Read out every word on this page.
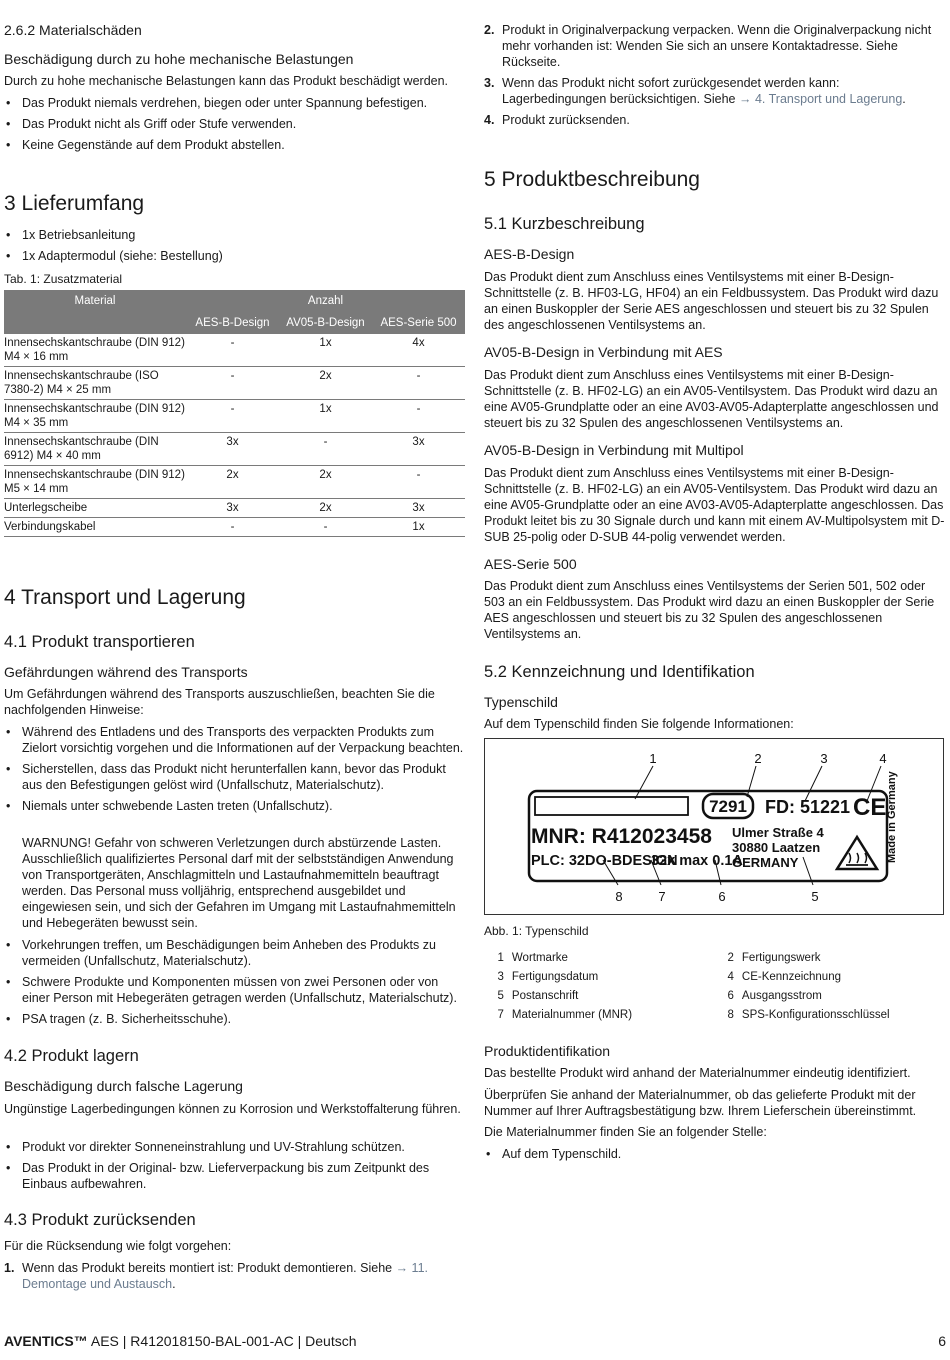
2.6.2 Materialschäden
Beschädigung durch zu hohe mechanische Belastungen
Durch zu hohe mechanische Belastungen kann das Produkt beschädigt werden.
• Das Produkt niemals verdrehen, biegen oder unter Spannung befestigen.
• Das Produkt nicht als Griff oder Stufe verwenden.
• Keine Gegenstände auf dem Produkt abstellen.
3 Lieferumfang
• 1x Betriebsanleitung
• 1x Adaptermodul (siehe: Bestellung)
Tab. 1: Zusatzmaterial
Material	Anzahl		
	AES-B-Design	AV05-B-Design	AES-Serie 500
Innensechskantschraube (DIN 912) M4 × 16 mm	-	1x	4x
Innensechskantschraube (ISO 7380-2) M4 × 25 mm	-	2x	-
Innensechskantschraube (DIN 912) M4 × 35 mm	-	1x	-
Innensechskantschraube (DIN 6912) M4 × 40 mm	3x	-	3x
Innensechskantschraube (DIN 912) M5 × 14 mm	2x	2x	-
Unterlegscheibe	3x	2x	3x
Verbindungskabel	-	-	1x
4 Transport und Lagerung
4.1 Produkt transportieren
Gefährdungen während des Transports
Um Gefährdungen während des Transports auszuschließen, beachten Sie die nachfolgenden Hinweise:
• Während des Entladens und des Transports des verpackten Produkts zum Zielort vorsichtig vorgehen und die Informationen auf der Verpackung beachten.
• Sicherstellen, dass das Produkt nicht herunterfallen kann, bevor das Produkt aus den Befestigungen gelöst wird (Unfallschutz, Materialschutz).
• Niemals unter schwebende Lasten treten (Unfallschutz).
WARNUNG! Gefahr von schweren Verletzungen durch abstürzende Lasten. Ausschließlich qualifiziertes Personal darf mit der selbstständigen Anwendung von Transportgeräten, Anschlagmitteln und Lastaufnahmemitteln beauftragt werden. Das Personal muss volljährig, entsprechend ausgebildet und eingewiesen sein, und sich der Gefahren im Umgang mit Lastaufnahmemitteln und Hebegeräten bewusst sein.
• Vorkehrungen treffen, um Beschädigungen beim Anheben des Produkts zu vermeiden (Unfallschutz, Materialschutz).
• Schwere Produkte und Komponenten müssen von zwei Personen oder von einer Person mit Hebegeräten getragen werden (Unfallschutz, Materialschutz).
• PSA tragen (z. B. Sicherheitsschuhe).
4.2 Produkt lagern
Beschädigung durch falsche Lagerung
Ungünstige Lagerbedingungen können zu Korrosion und Werkstoffalterung führen.
• Produkt vor direkter Sonneneinstrahlung und UV-Strahlung schützen.
• Das Produkt in der Original- bzw. Lieferverpackung bis zum Zeitpunkt des Einbaus aufbewahren.
4.3 Produkt zurücksenden
Für die Rücksendung wie folgt vorgehen:
1. Wenn das Produkt bereits montiert ist: Produkt demontieren. Siehe → 11. Demontage und Austausch.
2. Produkt in Originalverpackung verpacken. Wenn die Originalverpackung nicht mehr vorhanden ist: Wenden Sie sich an unsere Kontaktadresse. Siehe Rückseite.
3. Wenn das Produkt nicht sofort zurückgesendet werden kann: Lagerbedingungen berücksichtigen. Siehe → 4. Transport und Lagerung.
4. Produkt zurücksenden.
5 Produktbeschreibung
5.1 Kurzbeschreibung
AES-B-Design
Das Produkt dient zum Anschluss eines Ventilsystems mit einer B-Design-Schnittstelle (z. B. HF03-LG, HF04) an ein Feldbussystem. Das Produkt wird dazu an einen Buskoppler der Serie AES angeschlossen und steuert bis zu 32 Spulen des angeschlossenen Ventilsystems an.
AV05-B-Design in Verbindung mit AES
Das Produkt dient zum Anschluss eines Ventilsystems mit einer B-Design-Schnittstelle (z. B. HF02-LG) an ein AV05-Ventilsystem. Das Produkt wird dazu an eine AV05-Grundplatte oder an eine AV03-AV05-Adapterplatte angeschlossen und steuert bis zu 32 Spulen des angeschlossenen Ventilsystems an.
AV05-B-Design in Verbindung mit Multipol
Das Produkt dient zum Anschluss eines Ventilsystems mit einer B-Design-Schnittstelle (z. B. HF02-LG) an ein AV05-Ventilsystem. Das Produkt wird dazu an eine AV05-Grundplatte oder an eine AV03-AV05-Adapterplatte angeschlossen. Das Produkt leitet bis zu 30 Signale durch und kann mit einem AV-Multipolsystem mit D-SUB 25-polig oder D-SUB 44-polig verwendet werden.
AES-Serie 500
Das Produkt dient zum Anschluss eines Ventilsystems der Serien 501, 502 oder 503 an ein Feldbussystem. Das Produkt wird dazu an einen Buskoppler der Serie AES angeschlossen und steuert bis zu 32 Spulen des angeschlossenen Ventilsystems an.
5.2 Kennzeichnung und Identifikation
Typenschild
Auf dem Typenschild finden Sie folgende Informationen:
7291 FD: 51221 CE
MNR: R412023458
PLC: 32DO-BDESIGN
32x max 0.1A
Ulmer Straße 4
30880 Laatzen
GERMANY	Made in Germany
1	2	3	4
5
6
7
8
Abb. 1: Typenschild
1 Wortmarke	2 Fertigungswerk
3 Fertigungsdatum	4 CE-Kennzeichnung
5 Postanschrift	6 Ausgangsstrom
7 Materialnummer (MNR)	8 SPS-Konfigurationsschlüssel
Produktidentifikation
Das bestellte Produkt wird anhand der Materialnummer eindeutig identifiziert.
Überprüfen Sie anhand der Materialnummer, ob das gelieferte Produkt mit der Nummer auf Ihrer Auftragsbestätigung bzw. Ihrem Lieferschein übereinstimmt.
Die Materialnummer finden Sie an folgender Stelle:
• Auf dem Typenschild.
AVENTICS™ AES | R412018150-BAL-001-AC | Deutsch	6
